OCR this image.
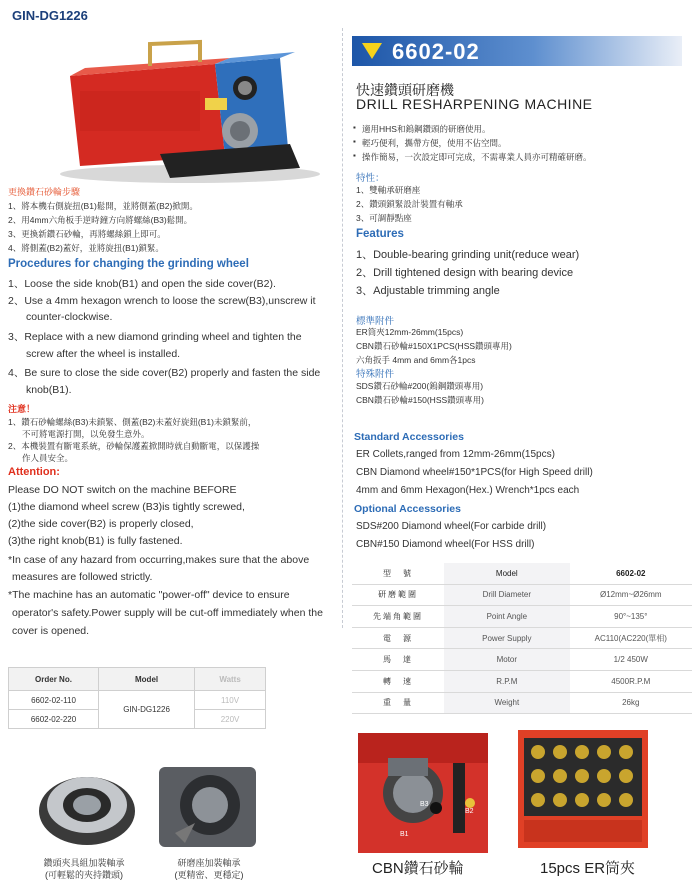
GIN-DG1226
6602-02
快速鑽頭研磨機
DRILL RESHARPENING MACHINE
▪ 適用HHS和鎢鋼鑽頭的研磨使用。
▪ 輕巧便利，攜帶方便，使用不佔空間。
▪ 操作簡易，一次設定即可完成，不需專業人員亦可精確研磨。
特性：
1、雙軸承研磨座
2、鑽頭鎖緊設計裝置有軸承
3、可調靜點座
Features
1、Double-bearing grinding unit(reduce wear)
2、Drill tightened design with bearing device
3、Adjustable trimming angle
標準附件
ER筒夾12mm-26mm(15pcs)
CBN鑽石砂輪#150X1PCS(HSS鑽頭專用)
六角扳手 4mm and 6mm各1pcs
特殊附件
SDS鑽石砂輪#200(鎢鋼鑽頭專用)
CBN鑽石砂輪#150(HSS鑽頭專用)
Standard Accessories
ER Collets,ranged from 12mm-26mm(15pcs)
CBN Diamond wheel#150*1PCS(for High Speed drill)
4mm and 6mm Hexagon(Hex.) Wrench*1pcs each
Optional Accessories
SDS#200 Diamond wheel(For carbide drill)
CBN#150 Diamond wheel(For HSS drill)
型　號	Model	6602-02
研磨範圍	Drill Diameter	Ø12mm~Ø26mm
先端角範圍	Point Angle	90°~135°
電　源	Power Supply	AC110(AC220(單相)
馬　達	Motor	1/2 450W
轉　速	R.P.M	4500R.P.M
重　量	Weight	26kg
更換鑽石砂輪步驟
1、將本機右側旋扭(B1)鬆開，並將側蓋(B2)掀開。
2、用4mm六角板手逆時鐘方向將螺絲(B3)鬆開。
3、更換新鑽石砂輪，再將螺絲鎖上即可。
4、將側蓋(B2)蓋好，並將旋扭(B1)鎖緊。
Procedures for changing the grinding wheel
1、Loose the side knob(B1) and open the side cover(B2).
2、Use a 4mm hexagon wrench to loose the screw(B3),unscrew it
counter-clockwise.
3、Replace with a new diamond grinding wheel and tighten the
screw after the wheel is installed.
4、Be sure to close the side cover(B2) properly and fasten the side
knob(B1).
注意！
1、鑽石砂輪螺絲(B3)未鎖緊、側蓋(B2)未蓋好旋鈕(B1)未鎖緊前，
不可將電源打開，以免發生意外。
2、本機裝置有斷電系統，砂輪保護蓋掀開時就自動斷電，以保護操
作人員安全。
Attention:
Please DO NOT switch on the machine BEFORE
(1)the diamond wheel screw (B3)is tightly screwed,
(2)the side cover(B2) is properly closed,
(3)the right knob(B1) is fully fastened.
*In case of any hazard from occurring,makes sure that the above
measures are followed strictly.
*The machine has an automatic "power-off" device to ensure
operator's safety.Power supply will be cut-off immediately when the
cover is opened.
Order No.	Model	Watts
6602-02-110	GIN-DG1226	110V
6602-02-220		220V
鑽頭夾具組加裝軸承
(可輕鬆的夾持鑽頭)
研磨座加裝軸承
(更精密、更穩定)
B3
B2
B1
CBN鑽石砂輪	15pcs ER筒夾
